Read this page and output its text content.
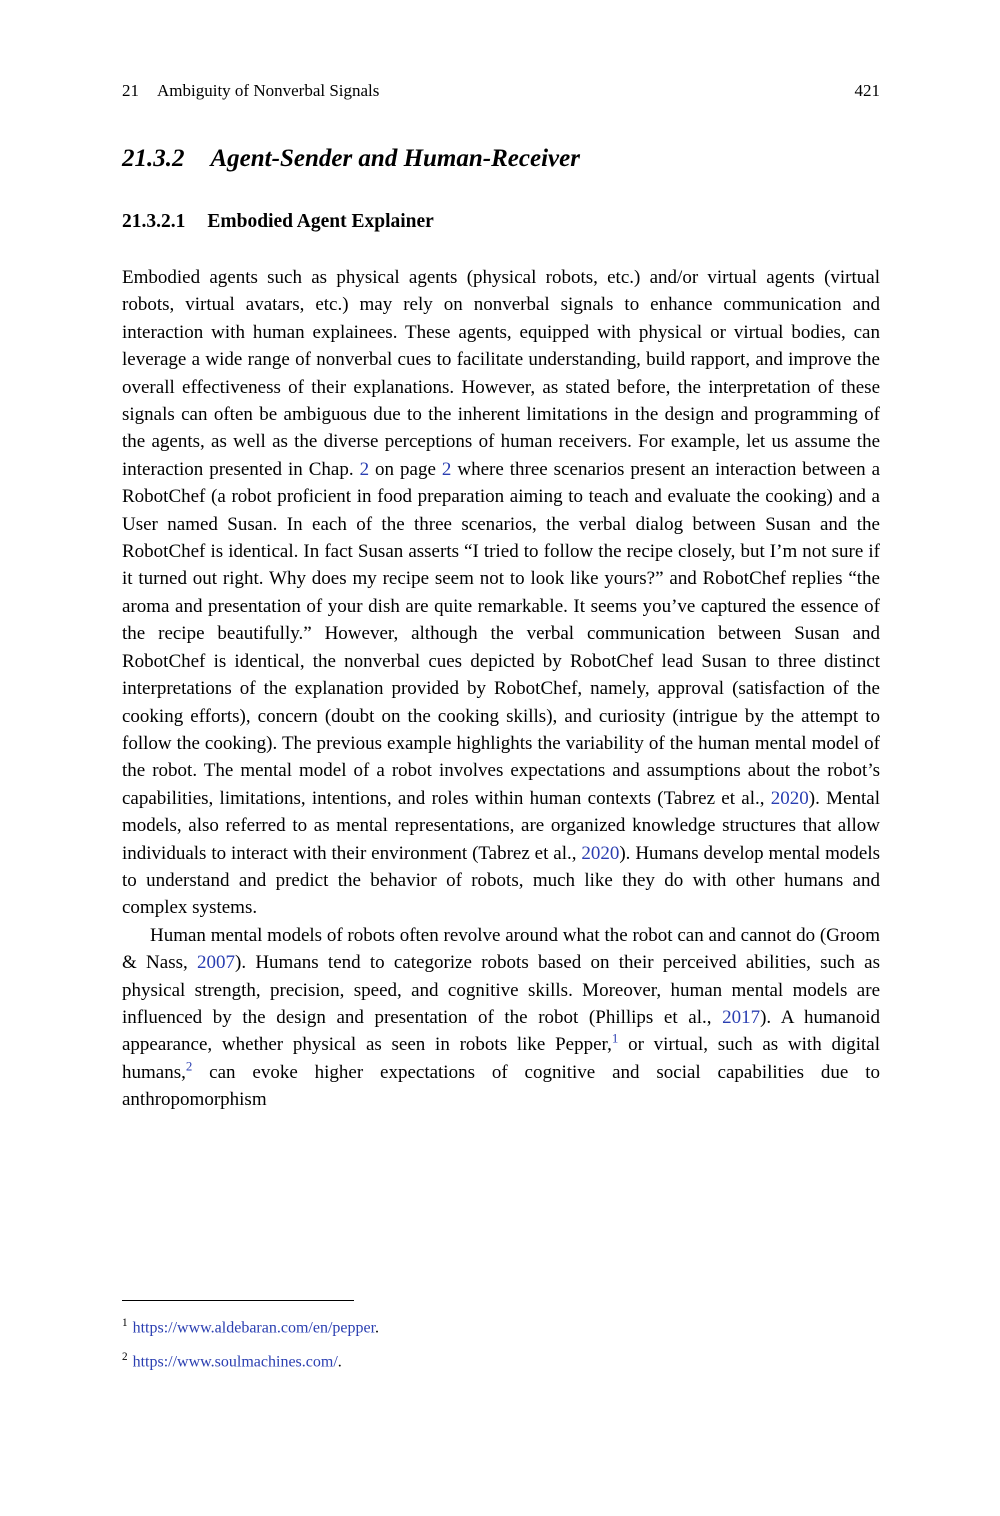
21 Ambiguity of Nonverbal Signals	421
21.3.2 Agent-Sender and Human-Receiver
21.3.2.1 Embodied Agent Explainer

Embodied agents such as physical agents (physical robots, etc.) and/or virtual agents (virtual robots, virtual avatars, etc.) may rely on nonverbal signals to enhance communication and interaction with human explainees. These agents, equipped with physical or virtual bodies, can leverage a wide range of nonverbal cues to facilitate understanding, build rapport, and improve the overall effectiveness of their explanations. However, as stated before, the interpretation of these signals can often be ambiguous due to the inherent limitations in the design and programming of the agents, as well as the diverse perceptions of human receivers. For example, let us assume the interaction presented in Chap. 2 on page 2 where three scenarios present an interaction between a RobotChef (a robot proficient in food preparation aiming to teach and evaluate the cooking) and a User named Susan. In each of the three scenarios, the verbal dialog between Susan and the RobotChef is identical. In fact Susan asserts “I tried to follow the recipe closely, but I’m not sure if it turned out right. Why does my recipe seem not to look like yours?” and RobotChef replies “the aroma and presentation of your dish are quite remarkable. It seems you’ve captured the essence of the recipe beautifully.” However, although the verbal communication between Susan and RobotChef is identical, the nonverbal cues depicted by RobotChef lead Susan to three distinct interpretations of the explanation provided by RobotChef, namely, approval (satisfaction of the cooking efforts), concern (doubt on the cooking skills), and curiosity (intrigue by the attempt to follow the cooking). The previous example highlights the variability of the human mental model of the robot. The mental model of a robot involves expectations and assumptions about the robot’s capabilities, limitations, intentions, and roles within human contexts (Tabrez et al., 2020). Mental models, also referred to as mental representations, are organized knowledge structures that allow individuals to interact with their environment (Tabrez et al., 2020). Humans develop mental models to understand and predict the behavior of robots, much like they do with other humans and complex systems.

Human mental models of robots often revolve around what the robot can and cannot do (Groom & Nass, 2007). Humans tend to categorize robots based on their perceived abilities, such as physical strength, precision, speed, and cognitive skills. Moreover, human mental models are influenced by the design and presentation of the robot (Phillips et al., 2017). A humanoid appearance, whether physical as seen in robots like Pepper,$^1$ or virtual, such as with digital humans,$^2$ can evoke higher expectations of cognitive and social capabilities due to anthropomorphism

$^1$ https://www.aldebaran.com/en/pepper.
$^2$ https://www.soulmachines.com/.
